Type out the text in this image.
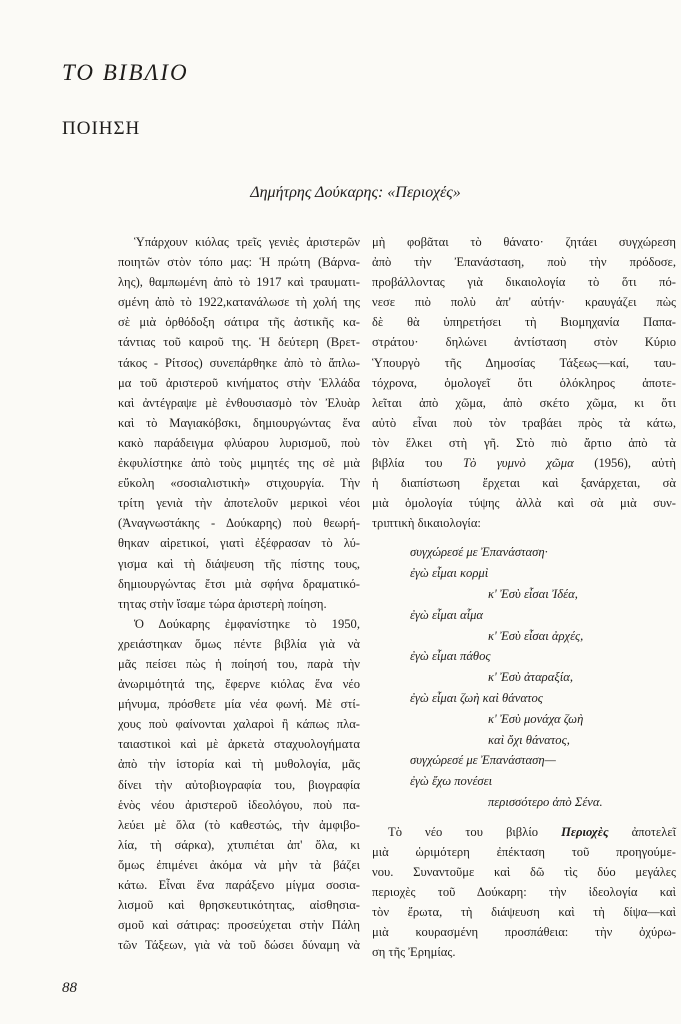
ΤΟ ΒΙΒΛΙΟ
ΠΟΙΗΣΗ
Δημήτρης Δούκαρης: «Περιοχές»
Ὑπάρχουν κιόλας τρεῖς γενιὲς ἀριστερῶν
ποιητῶν στὸν τόπο μας: Ἡ πρώτη (Βάρνα-
λης), θαμπωμένη ἀπὸ τὸ 1917 καὶ τραυματι-
σμένη ἀπὸ τὸ 1922,κατανάλωσε τὴ χολή της
σὲ μιὰ ὀρθόδοξη σάτιρα τῆς ἀστικῆς κα-
τάντιας τοῦ καιροῦ της. Ἡ δεύτερη (Βρετ-
τάκος - Ρίτσος) συνεπάρθηκε ἀπὸ τὸ ἄπλω-
μα τοῦ ἀριστεροῦ κινήματος στὴν Ἑλλάδα
καὶ ἀντέγραψε μὲ ἐνθουσιασμὸ τὸν Ἐλυὰρ
καὶ τὸ Μαγιακόβσκι, δημιουργώντας ἕνα
κακὸ παράδειγμα φλύαρου λυρισμοῦ, ποὺ
ἐκφυλίστηκε ἀπὸ τοὺς μιμητές της σὲ μιὰ
εὔκολη «σοσιαλιστικὴ» στιχουργία. Τὴν
τρίτη γενιὰ τὴν ἀποτελοῦν μερικοὶ νέοι
(Ἀναγνωστάκης - Δούκαρης) ποὺ θεωρή-
θηκαν αἱρετικοί, γιατὶ ἐξέφρασαν τὸ λύ-
γισμα καὶ τὴ διάψευση τῆς πίστης τους,
δημιουργώντας ἔτσι μιὰ σφήνα δραματικό-
τητας στὴν ἴσαμε τώρα ἀριστερὴ ποίηση.
Ὁ Δούκαρης ἐμφανίστηκε τὸ 1950,
χρειάστηκαν ὅμως πέντε βιβλία γιὰ νὰ
μᾶς πείσει πὼς ἡ ποίησή του, παρὰ τὴν
ἀνωριμότητά της, ἔφερνε κιόλας ἕνα νέο
μήνυμα, πρόσθετε μία νέα φωνή. Μὲ στί-
χους ποὺ φαίνονται χαλαροὶ ἢ κάπως πλα-
ταιαστικοὶ καὶ μὲ ἀρκετὰ σταχυολογήματα
ἀπὸ τὴν ἱστορία καὶ τὴ μυθολογία, μᾶς
δίνει τὴν αὐτοβιογραφία του, βιογραφία
ἑνὸς νέου ἀριστεροῦ ἰδεολόγου, ποὺ πα-
λεύει μὲ ὅλα (τὸ καθεστώς, τὴν ἀμφιβο-
λία, τὴ σάρκα), χτυπιέται ἀπ' ὅλα, κι
ὅμως ἐπιμένει ἀκόμα νὰ μὴν τὰ βάζει
κάτω. Εἶναι ἕνα παράξενο μίγμα σοσια-
λισμοῦ καὶ θρησκευτικότητας, αἰσθησια-
σμοῦ καὶ σάτιρας: προσεύχεται στὴν Πάλη
τῶν Τάξεων, γιὰ νὰ τοῦ δώσει δύναμη νὰ
μὴ φοβᾶται τὸ θάνατο· ζητάει συγχώρεση
ἀπὸ τὴν Ἐπανάσταση, ποὺ τὴν πρόδοσε,
προβάλλοντας γιὰ δικαιολογία τὸ ὅτι πό-
νεσε πιὸ πολὺ ἀπ' αὐτήν· κραυγάζει πὼς
δὲ θὰ ὑπηρετήσει τὴ Βιομηχανία Παπα-
στράτου· δηλώνει ἀντίσταση στὸν Κύριο
Ὑπουργὸ τῆς Δημοσίας Τάξεως—καί, ταυ-
τόχρονα, ὁμολογεῖ ὅτι ὁλόκληρος ἀποτε-
λεῖται ἀπὸ χῶμα, ἀπὸ σκέτο χῶμα, κι ὅτι
αὐτὸ εἶναι ποὺ τὸν τραβάει πρὸς τὰ κάτω,
τὸν ἕλκει στὴ γῆ. Στὸ πιὸ ἄρτιο ἀπὸ τὰ
βιβλία του Τὸ γυμνὸ χῶμα (1956), αὐτὴ
ἡ διαπίστωση ἔρχεται καὶ ξανάρχεται, σὰ
μιὰ ὁμολογία τύψης ἀλλὰ καὶ σὰ μιὰ συν-
τριπτικὴ δικαιολογία:
συγχώρεσέ με Ἐπανάσταση·
ἐγὼ εἶμαι κορμὶ
κ' Ἐσὺ εἶσαι Ἰδέα,
ἐγὼ εἶμαι αἷμα
κ' Ἐσὺ εἶσαι ἀρχές,
ἐγὼ εἶμαι πάθος
κ' Ἐσὺ ἀταραξία,
ἐγὼ εἶμαι ζωὴ καὶ θάνατος
κ' Ἐσὺ μονάχα ζωὴ
καὶ ὄχι θάνατος,
συγχώρεσέ με Ἐπανάσταση—
ἐγὼ ἔχω πονέσει
περισσότερο ἀπὸ Σένα.
Τὸ νέο του βιβλίο Περιοχὲς ἀποτελεῖ
μιὰ ὡριμότερη ἐπέκταση τοῦ προηγούμε-
νου. Συναντοῦμε καὶ δῶ τὶς δύο μεγάλες
περιοχὲς τοῦ Δούκαρη: τὴν ἰδεολογία καὶ
τὸν ἔρωτα, τὴ διάψευση καὶ τὴ δίψα—καὶ
μιὰ κουρασμένη προσπάθεια: τὴν ὀχύρω-
ση τῆς Ἐρημίας.
88
